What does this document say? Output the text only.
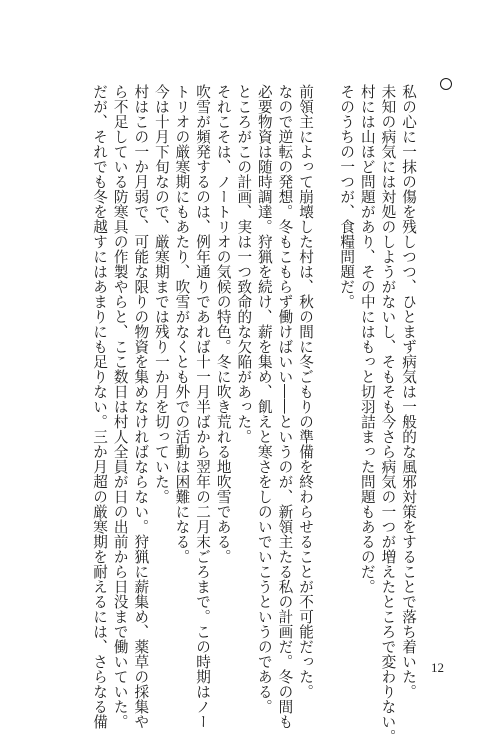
私の心に一抹の傷を残しつつ、ひとまず病気は一般的な風邪対策をすることで落ち着いた。
未知の病気には対処のしようがないし、そもそも今さら病気の一つが増えたところで変わりない。
村には山ほど問題があり、その中にはもっと切羽詰まった問題もあるのだ。
そのうちの一つが、食糧問題だ。
前領主によって崩壊した村は、秋の間に冬ごもりの準備を終わらせることが不可能だった。
なので逆転の発想。冬もこもらず働けばいい――というのが、新領主たる私の計画だ。冬の間も
必要物資は随時調達。狩猟を続け、薪を集め、飢えと寒さをしのいでいこうというのである。
ところがこの計画、実は一つ致命的な欠陥があった。
それこそは、ノートリオの気候の特色。冬に吹き荒れる地吹雪である。
吹雪が頻発するのは、例年通りであれば十一月半ばから翌年の二月末ごろまで。この時期はノー
トリオの厳寒期にもあたり、吹雪がなくとも外での活動は困難になる。
今は十月下旬なので、厳寒期までは残り一か月を切っていた。
村はこの一か月弱で、可能な限りの物資を集めなければならない。狩猟に薪集め、薬草の採集や
ら不足している防寒具の作製やらと、ここ数日は村人全員が日の出前から日没まで働いていた。
だが、それでも冬を越すにはあまりにも足りない。三か月超の厳寒期を耐えるには、さらなる備	12
